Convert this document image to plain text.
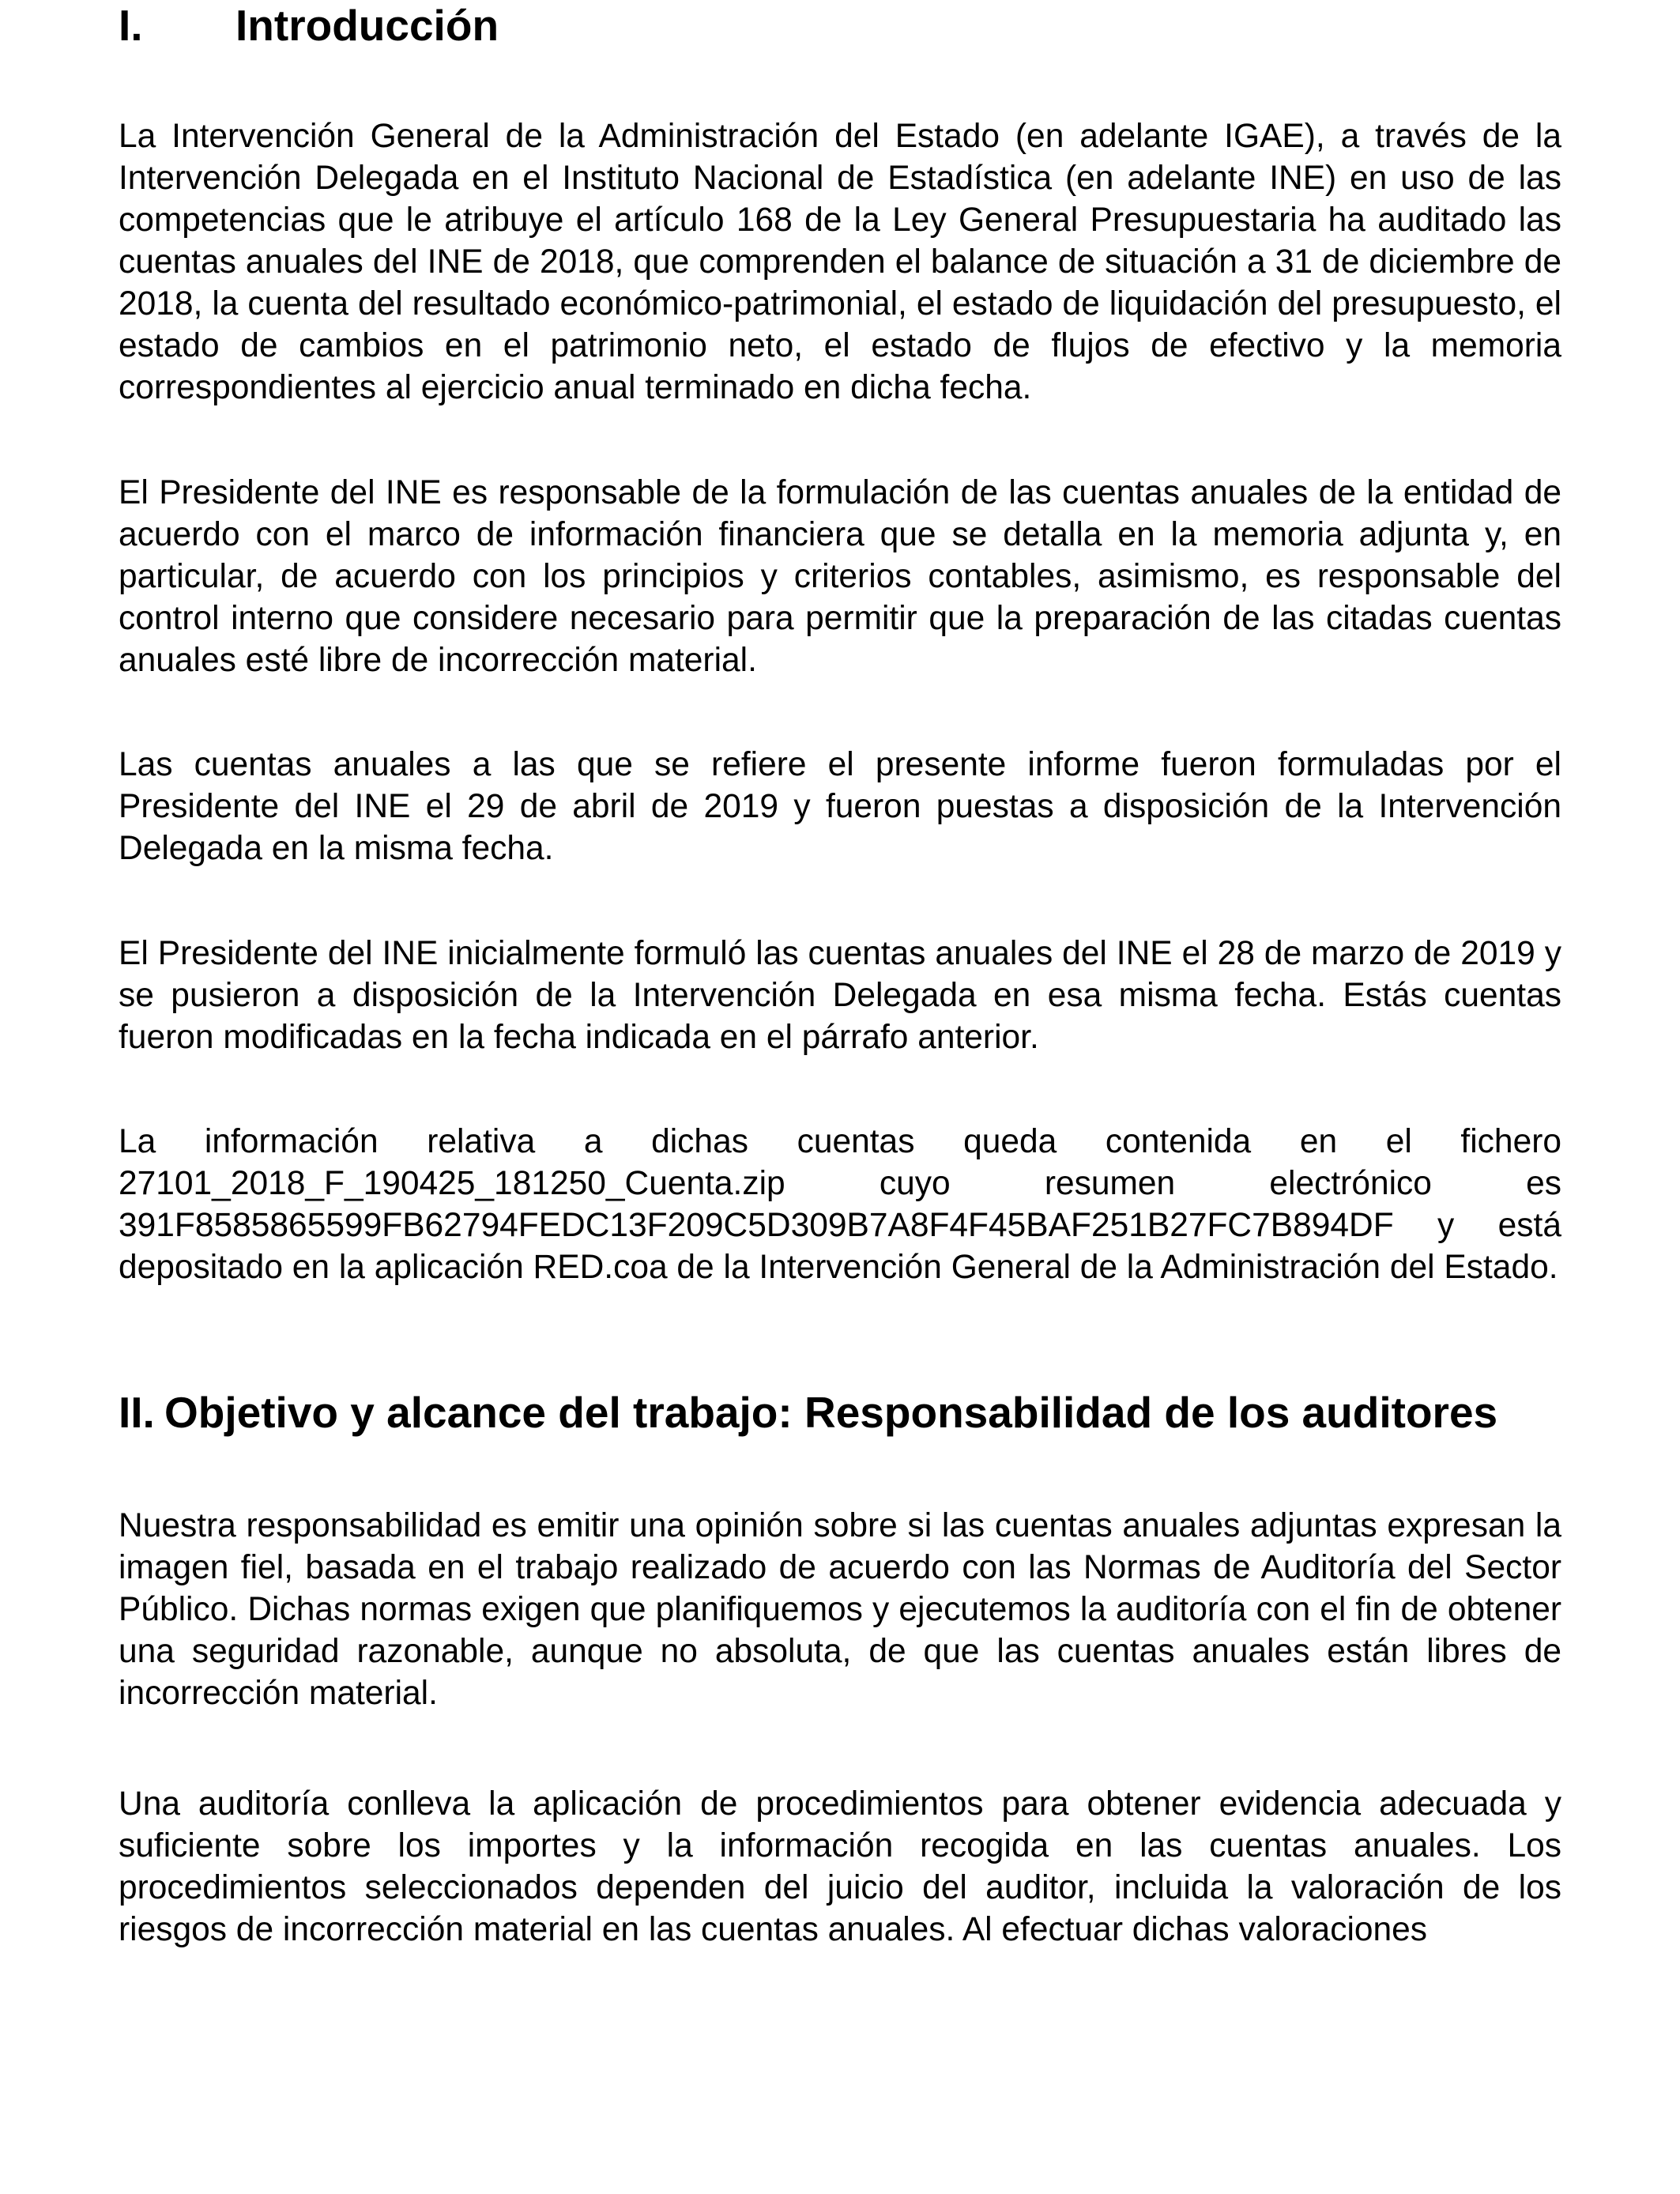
I. Introducción

La Intervención General de la Administración del Estado (en adelante IGAE), a través de la Intervención Delegada en el Instituto Nacional de Estadística (en adelante INE) en uso de las competencias que le atribuye el artículo 168 de la Ley General Presupuestaria ha auditado las cuentas anuales del INE de 2018, que comprenden el balance de situación a 31 de diciembre de 2018, la cuenta del resultado económico-patrimonial, el estado de liquidación del presupuesto, el estado de cambios en el patrimonio neto, el estado de flujos de efectivo y la memoria correspondientes al ejercicio anual terminado en dicha fecha.

El Presidente del INE es responsable de la formulación de las cuentas anuales de la entidad de acuerdo con el marco de información financiera que se detalla en la memoria adjunta y, en particular, de acuerdo con los principios y criterios contables, asimismo, es responsable del control interno que considere necesario para permitir que la preparación de las citadas cuentas anuales esté libre de incorrección material.

Las cuentas anuales a las que se refiere el presente informe fueron formuladas por el Presidente del INE el 29 de abril de 2019 y fueron puestas a disposición de la Intervención Delegada en la misma fecha.

El Presidente del INE inicialmente formuló las cuentas anuales del INE el 28 de marzo de 2019 y se pusieron a disposición de la Intervención Delegada en esa misma fecha. Estás cuentas fueron modificadas en la fecha indicada en el párrafo anterior.

La información relativa a dichas cuentas queda contenida en el fichero 27101_2018_F_190425_181250_Cuenta.zip cuyo resumen electrónico es 391F8585865599FB62794FEDC13F209C5D309B7A8F4F45BAF251B27FC7B894DF y está depositado en la aplicación RED.coa de la Intervención General de la Administración del Estado.

II. Objetivo y alcance del trabajo: Responsabilidad de los auditores

Nuestra responsabilidad es emitir una opinión sobre si las cuentas anuales adjuntas expresan la imagen fiel, basada en el trabajo realizado de acuerdo con las Normas de Auditoría del Sector Público. Dichas normas exigen que planifiquemos y ejecutemos la auditoría con el fin de obtener una seguridad razonable, aunque no absoluta, de que las cuentas anuales están libres de incorrección material.

Una auditoría conlleva la aplicación de procedimientos para obtener evidencia adecuada y suficiente sobre los importes y la información recogida en las cuentas anuales. Los procedimientos seleccionados dependen del juicio del auditor, incluida la valoración de los riesgos de incorrección material en las cuentas anuales. Al efectuar dichas valoraciones
